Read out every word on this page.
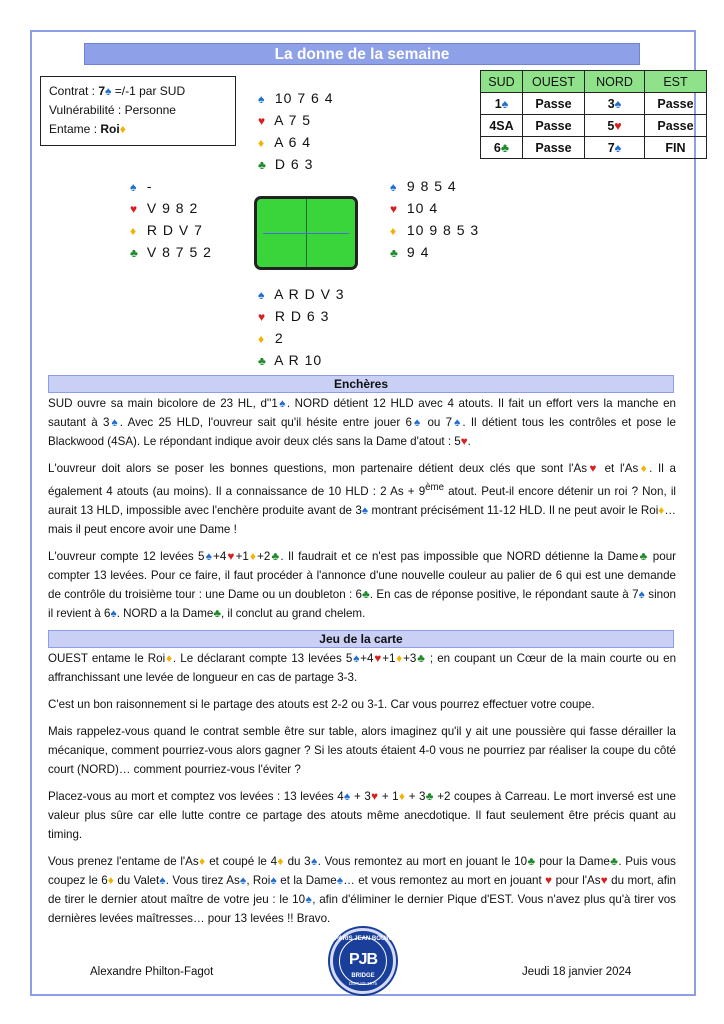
La donne de la semaine
Contrat : 7♠ =/-1 par SUD
Vulnérabilité : Personne
Entame : Roi♦
SUD	OUEST	NORD	EST
1♠	Passe	3♠	Passe
4SA	Passe	5♥	Passe
6♣	Passe	7♠	FIN
♠ 10 7 6 4
♥ A 7 5
♦ A 6 4
♣ D 6 3
♠ -
♥ V 9 8 2
♦ R D V 7
♣ V 8 7 5 2
♠ 9 8 5 4
♥ 10 4
♦ 10 9 8 5 3
♣ 9 4
♠ A R D V 3
♥ R D 6 3
♦ 2
♣ A R 10
Enchères

SUD ouvre sa main bicolore de 23 HL, d''1♠. NORD détient 12 HLD avec 4 atouts. Il fait un effort vers la manche en sautant à 3♠. Avec 25 HLD, l'ouvreur sait qu'il hésite entre jouer 6♠ ou 7♠. Il détient tous les contrôles et pose le Blackwood (4SA). Le répondant indique avoir deux clés sans la Dame d'atout : 5♥.

L'ouvreur doit alors se poser les bonnes questions, mon partenaire détient deux clés que sont l'As♥ et l'As♦. Il a également 4 atouts (au moins). Il a connaissance de 10 HLD : 2 As + 9ème atout. Peut-il encore détenir un roi ? Non, il aurait 13 HLD, impossible avec l'enchère produite avant de 3♠ montrant précisément 11-12 HLD. Il ne peut avoir le Roi♦…mais il peut encore avoir une Dame !

L'ouvreur compte 12 levées 5♠+4♥+1♦+2♣. Il faudrait et ce n'est pas impossible que NORD détienne la Dame♣ pour compter 13 levées. Pour ce faire, il faut procéder à l'annonce d'une nouvelle couleur au palier de 6 qui est une demande de contrôle du troisième tour : une Dame ou un doubleton : 6♣. En cas de réponse positive, le répondant saute à 7♠ sinon il revient à 6♠. NORD a la Dame♣, il conclut au grand chelem.

Jeu de la carte

OUEST entame le Roi♦. Le déclarant compte 13 levées 5♠+4♥+1♦+3♣ ; en coupant un Cœur de la main courte ou en affranchissant une levée de longueur en cas de partage 3-3.

C'est un bon raisonnement si le partage des atouts est 2-2 ou 3-1. Car vous pourrez effectuer votre coupe.

Mais rappelez-vous quand le contrat semble être sur table, alors imaginez qu'il y ait une poussière qui fasse dérailler la mécanique, comment pourriez-vous alors gagner ? Si les atouts étaient 4-0 vous ne pourriez par réaliser la coupe du côté court (NORD)… comment pourriez-vous l'éviter ?

Placez-vous au mort et comptez vos levées : 13 levées 4♠ + 3♥ + 1♦ + 3♣ +2 coupes à Carreau. Le mort inversé est une valeur plus sûre car elle lutte contre ce partage des atouts même anecdotique. Il faut seulement être précis quant au timing.

Vous prenez l'entame de l'As♦ et coupé le 4♦ du 3♠. Vous remontez au mort en jouant le 10♣ pour la Dame♣. Puis vous coupez le 6♦ du Valet♠. Vous tirez As♠, Roi♠ et la Dame♠… et vous remontez au mort en jouant ♥ pour l'As♥ du mort, afin de tirer le dernier atout maître de votre jeu : le 10♠, afin d'éliminer le dernier Pique d'EST. Vous n'avez plus qu'à tirer vos dernières levées maîtresses… pour 13 levées !! Bravo.

Alexandre Philton-Fagot	Jeudi 18 janvier 2024
PARIS JEAN BOUIN
PJB
BRIDGE
DEPUIS 1975
